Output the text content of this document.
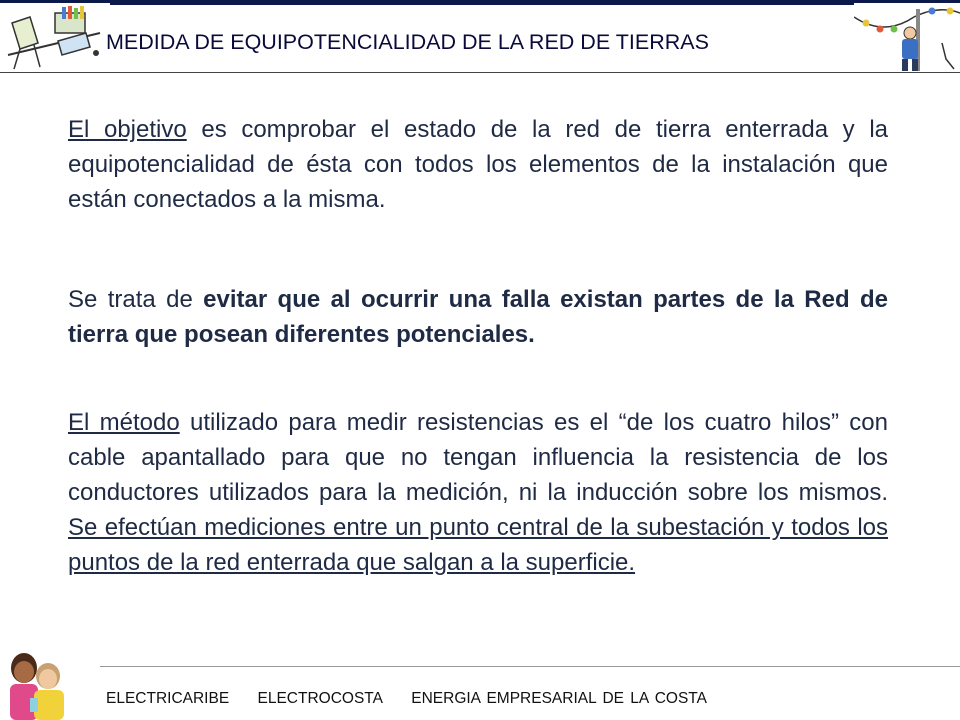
MEDIDA DE EQUIPOTENCIALIDAD DE LA RED DE TIERRAS
El objetivo es comprobar el estado de la red de tierra enterrada y la equipotencialidad de ésta con todos los elementos de la instalación que están conectados a la misma.
Se trata de evitar que al ocurrir una falla existan partes de la Red de tierra que posean diferentes potenciales.
El método utilizado para medir resistencias es el “de los cuatro hilos” con cable apantallado para que no tengan influencia la resistencia de los conductores utilizados para la medición, ni la inducción sobre los mismos. Se efectúan mediciones entre un punto central de la subestación y todos los puntos de la red enterrada que salgan a la superficie.
ELECTRICARIBE ELECTROCOSTA ENERGIA EMPRESARIAL DE LA COSTA
